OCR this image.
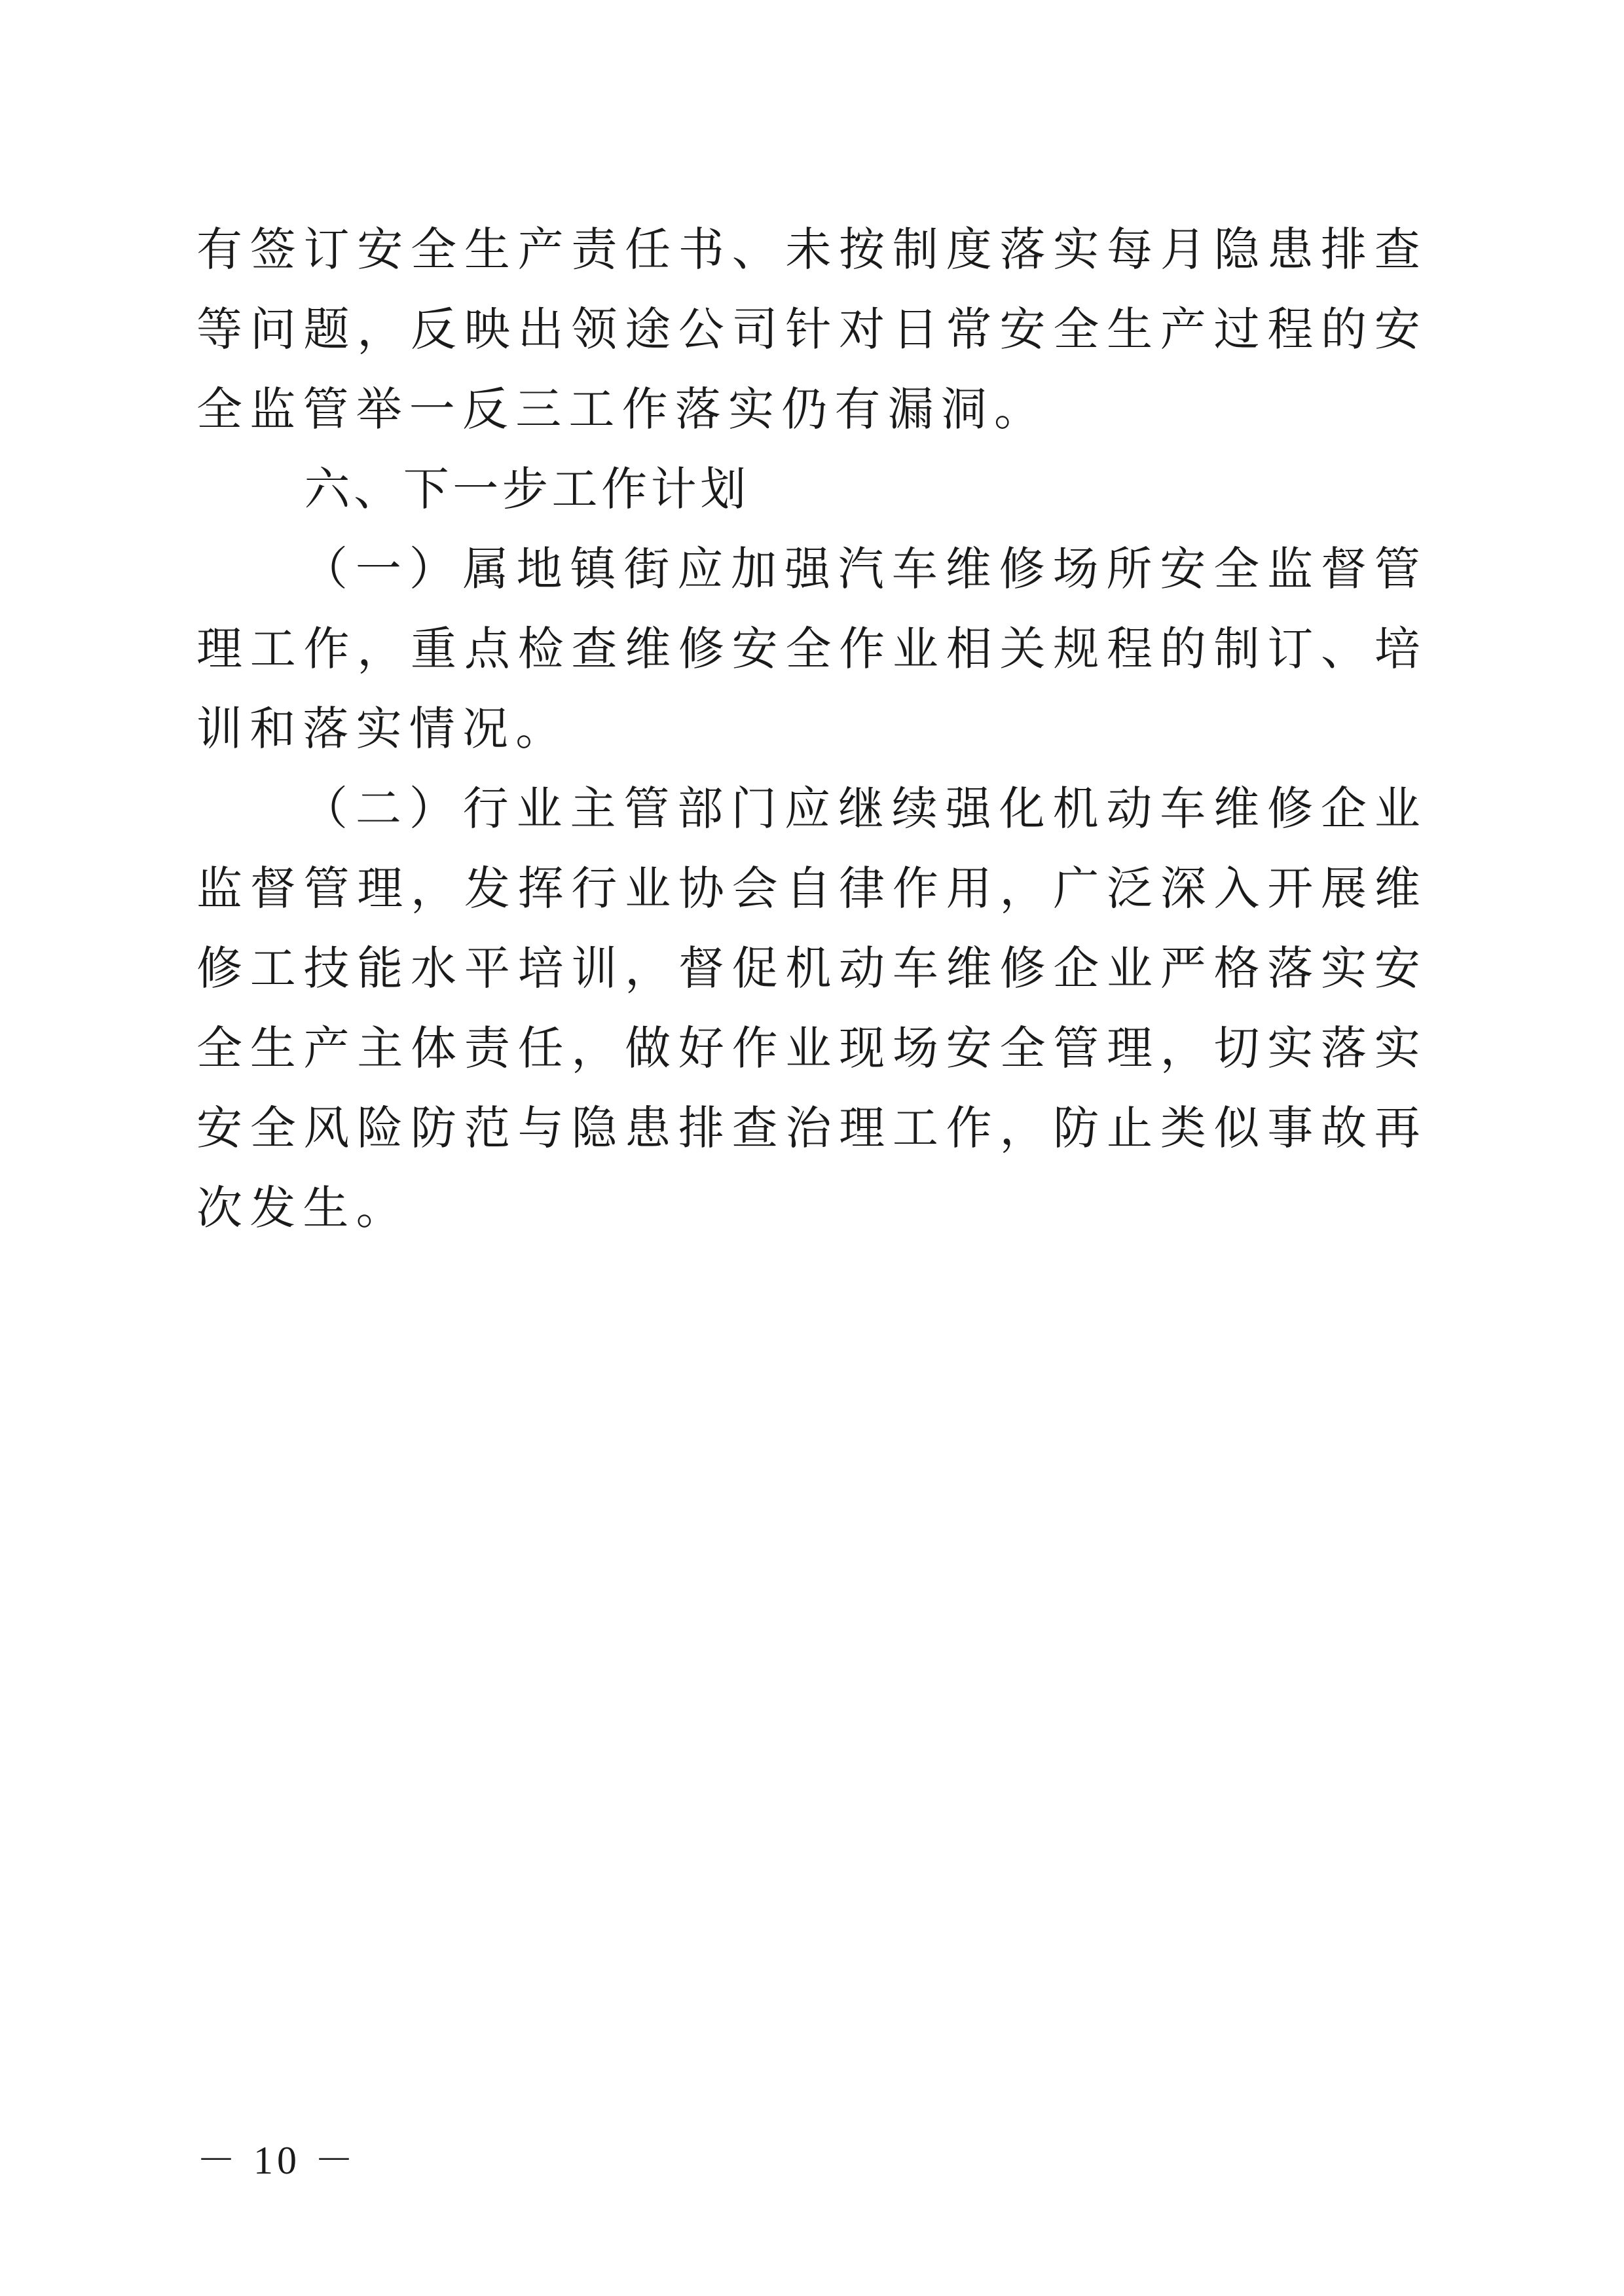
有签订安全生产责任书、未按制度落实每月隐患排查等问题，反映出领途公司针对日常安全生产过程的安全监管举一反三工作落实仍有漏洞。

六、下一步工作计划

（一）属地镇街应加强汽车维修场所安全监督管理工作，重点检查维修安全作业相关规程的制订、培训和落实情况。

（二）行业主管部门应继续强化机动车维修企业监督管理，发挥行业协会自律作用，广泛深入开展维修工技能水平培训，督促机动车维修企业严格落实安全生产主体责任，做好作业现场安全管理，切实落实安全风险防范与隐患排查治理工作，防止类似事故再次发生。

－ 10 －
